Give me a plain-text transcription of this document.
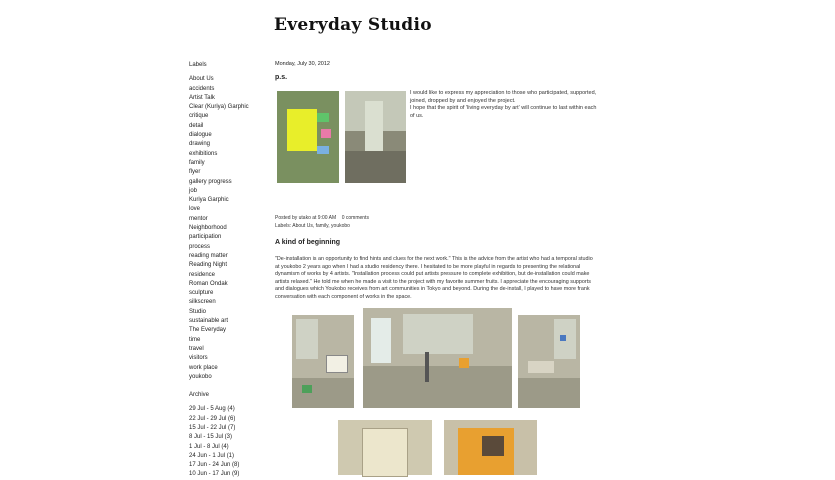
Everyday Studio
Labels
About Us
accidents
Artist Talk
Clear (Kuriya) Garphic
critique
detail
dialogue
drawing
exhibitions
family
flyer
gallery progress
job
Kuriya Garphic
love
mentor
Neighborhood
participation
process
reading matter
Reading Night
residence
Roman Ondak
sculpture
silkscreen
Studio
sustainable art
The Everyday
time
travel
visitors
work place
youkobo
Archive
29 Jul - 5 Aug (4)
22 Jul - 29 Jul (6)
15 Jul - 22 Jul (7)
8 Jul - 15 Jul (3)
1 Jul - 8 Jul (4)
24 Jun - 1 Jul (1)
17 Jun - 24 Jun (8)
10 Jun - 17 Jun (9)

Monday, July 30, 2012

p.s.

I would like to express my appreciation to those who participated, supported, joined, dropped by and enjoyed the project.

I hope that the spirit of 'living everyday by art' will continue to last within each of us.

Posted by utako at 9:00 AM 0 comments
Labels: About Us, family, youkobo

A kind of beginning

"De-installation is an opportunity to find hints and clues for the next work." This is the advice from the artist who had a temporal studio at youkobo 2 years ago when I had a studio residency there. I hesitated to be more playful in regards to presenting the relational dynamism of works by 4 artists. "Installation process could put artists pressure to complete exhibition, but de-installation could make artists relaxed." He told me when he made a visit to the project with my favorite summer fruits. I appreciate the encouraging supports and dialogues which Youkobo receives from art communities in Tokyo and beyond. During the de-install, I played to have more frank conversation with each component of works in the space.
